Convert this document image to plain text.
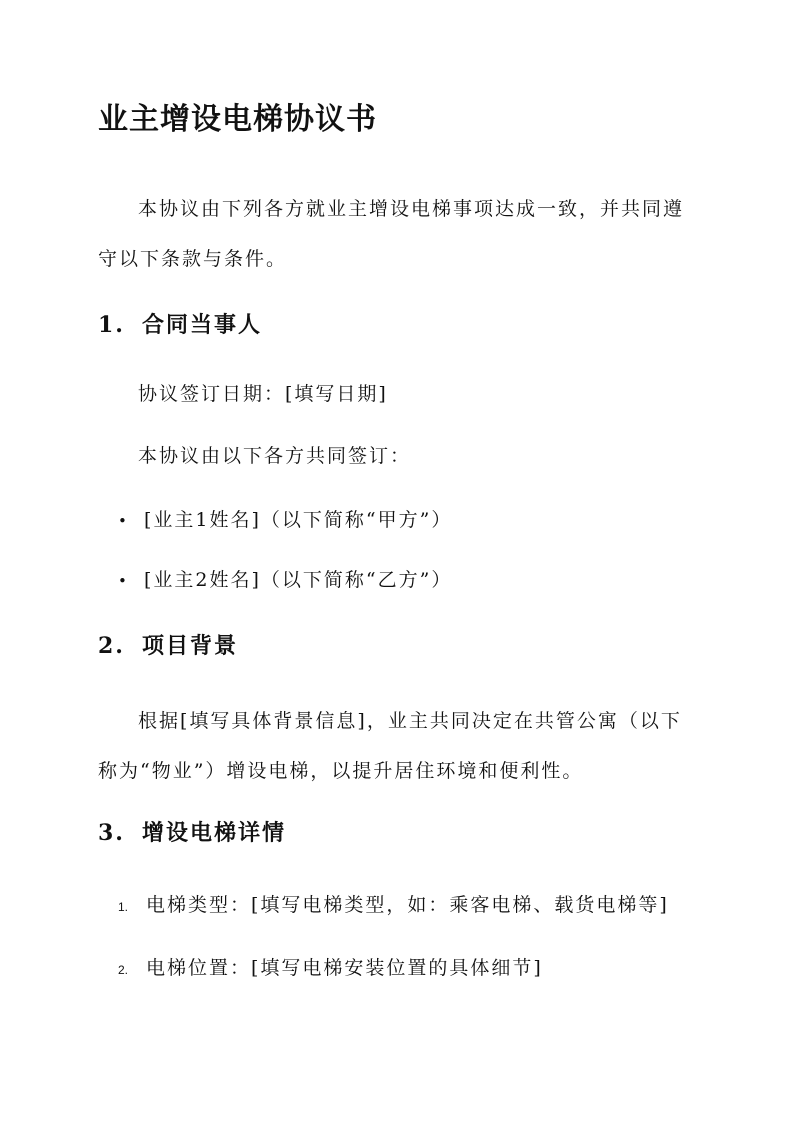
业主增设电梯协议书

本协议由下列各方就业主增设电梯事项达成一致，并共同遵守以下条款与条件。

1. 合同当事人
协议签订日期：[填写日期]
本协议由以下各方共同签订：
• [业主1姓名]（以下简称“甲方”）
• [业主2姓名]（以下简称“乙方”）
2. 项目背景

根据[填写具体背景信息]，业主共同决定在共管公寓（以下称为“物业”）增设电梯，以提升居住环境和便利性。

3. 增设电梯详情
1. 电梯类型：[填写电梯类型，如：乘客电梯、载货电梯等]
2. 电梯位置：[填写电梯安装位置的具体细节]
